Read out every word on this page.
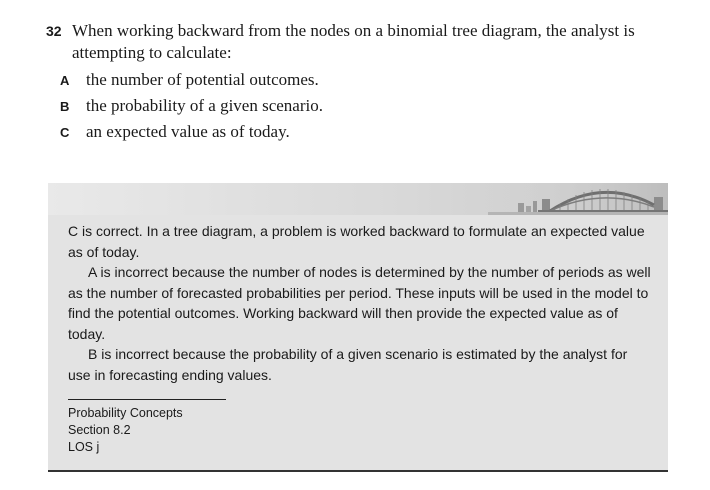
32 When working backward from the nodes on a binomial tree diagram, the analyst is attempting to calculate:
A the number of potential outcomes.
B the probability of a given scenario.
C an expected value as of today.

C is correct. In a tree diagram, a problem is worked backward to formulate an expected value as of today.

A is incorrect because the number of nodes is determined by the number of periods as well as the number of forecasted probabilities per period. These inputs will be used in the model to find the potential outcomes. Working backward will then provide the expected value as of today.

B is incorrect because the probability of a given scenario is estimated by the analyst for use in forecasting ending values.

Probability Concepts
Section 8.2
LOS j
